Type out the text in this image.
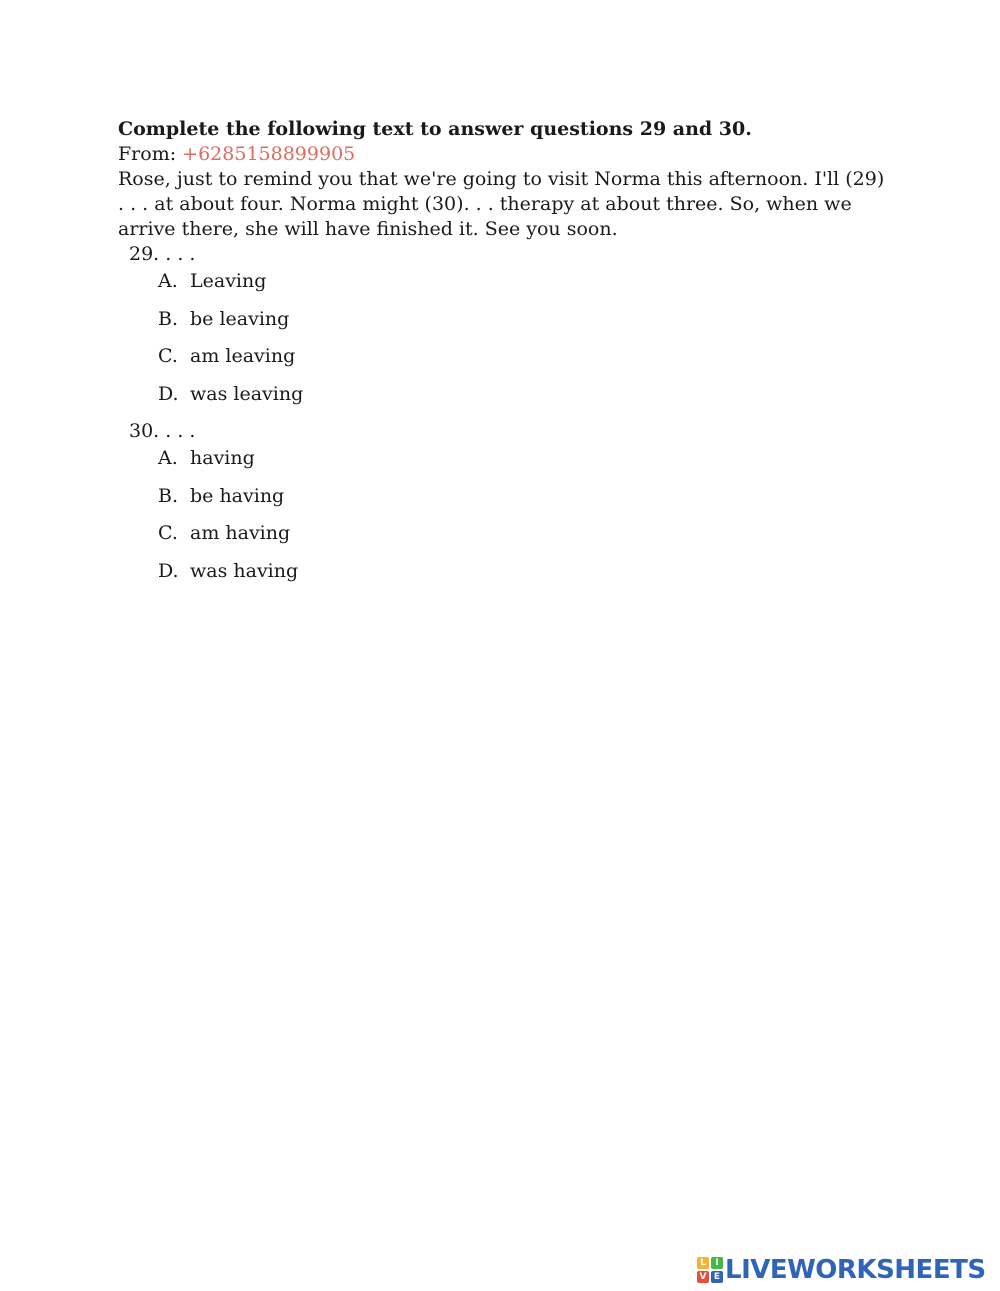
Complete the following text to answer questions 29 and 30.

From: +6285158899905

Rose, just to remind you that we're going to visit Norma this afternoon. I'll (29) . . . at about four. Norma might (30). . . therapy at about three. So, when we arrive there, she will have finished it. See you soon.

29. . . .

A. Leaving
B. be leaving
C. am leaving
D. was leaving

30. . . .

A. having
B. be having
C. am having
D. was having
L	I
V E LIVEWORKSHEETS
